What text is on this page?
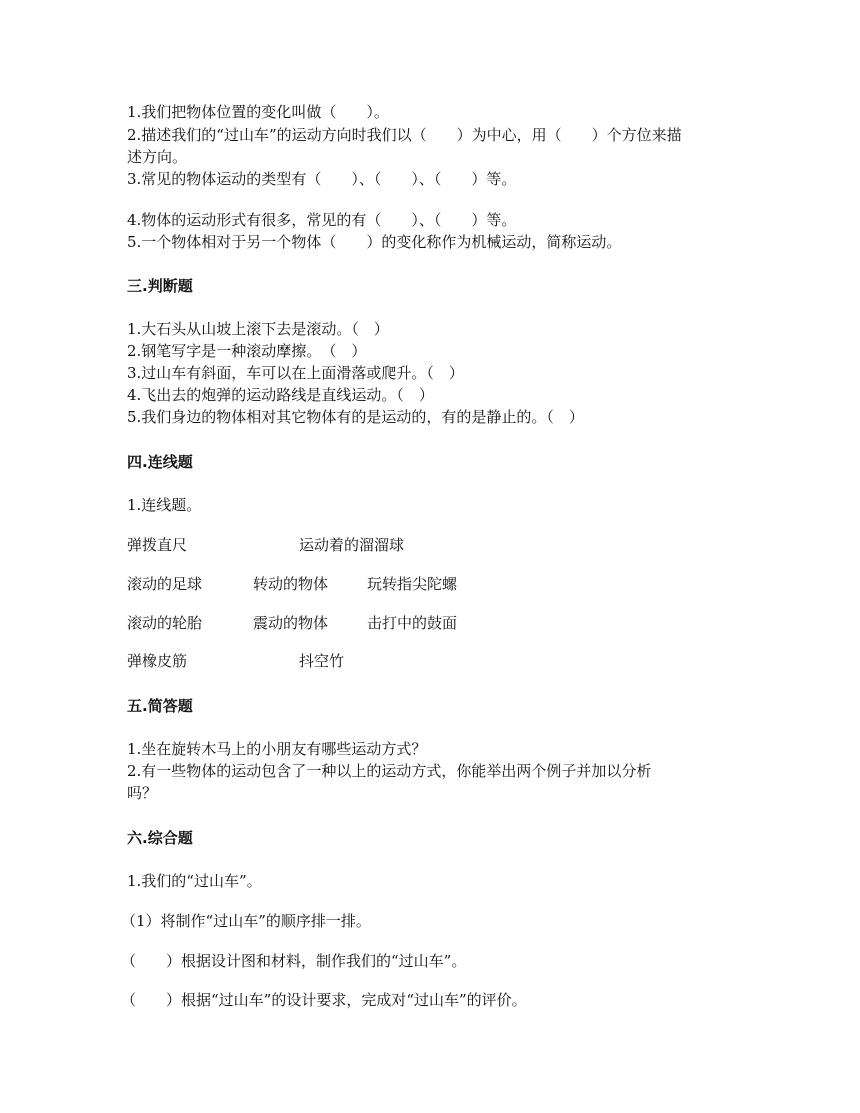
1.我们把物体位置的变化叫做（　　）。
2.描述我们的“过山车”的运动方向时我们以（　　）为中心，用（　　）个方位来描
述方向。
3.常见的物体运动的类型有（　　）、（　　）、（　　）等。
4.物体的运动形式有很多，常见的有（　　）、（　　）等。
5.一个物体相对于另一个物体（　　）的变化称作为机械运动，简称运动。
三.判断题
1.大石头从山坡上滚下去是滚动。（　）
2.钢笔写字是一种滚动摩擦。　（　）
3.过山车有斜面，车可以在上面滑落或爬升。（　）
4.飞出去的炮弹的运动路线是直线运动。（　）
5.我们身边的物体相对其它物体有的是运动的，有的是静止的。（　）
四.连线题
1.连线题。
弹拨直尺	运动着的溜溜球
滚动的足球	转动的物体	玩转指尖陀螺
滚动的轮胎	震动的物体	击打中的鼓面
弹橡皮筋	抖空竹
五.简答题
1.坐在旋转木马上的小朋友有哪些运动方式？
2.有一些物体的运动包含了一种以上的运动方式，你能举出两个例子并加以分析
吗？
六.综合题
1.我们的“过山车”。
（1）将制作“过山车”的顺序排一排。
（　　）根据设计图和材料，制作我们的“过山车”。
（　　）根据“过山车”的设计要求，完成对“过山车”的评价。
